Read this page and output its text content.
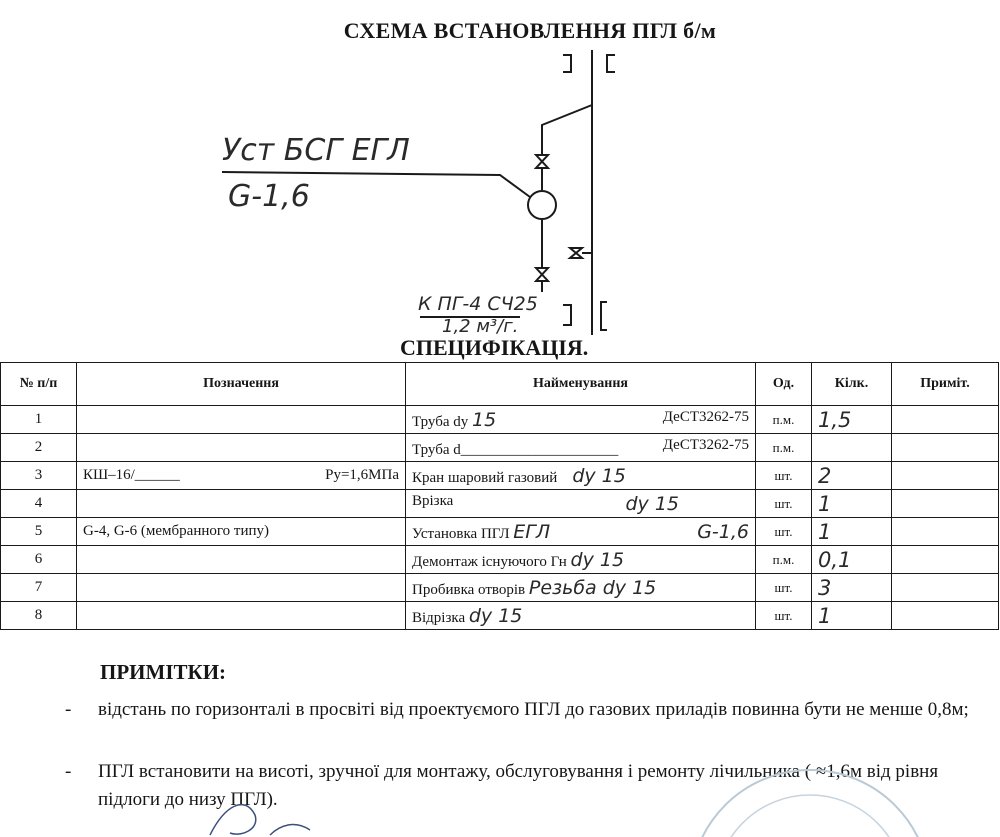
СХЕМА ВСТАНОВЛЕННЯ ПГЛ б/м
Уст БСГ ЕГЛ
G-1,6
К ПГ-4 СЧ25
1,2 м³/г.
СПЕЦИФІКАЦІЯ.
№ п/п	Позначення	Найменування	Од.	Кілк.	Приміт.
1		Труба dy 15 ДеСТ3262-75	п.м.	1,5	
2		Труба d_____________________ ДеСТ3262-75	п.м.		
3	КШ–16/______ Ру=1,6МПа	Кран шаровий газовий dy 15	шт.	2	
4		Врізка dy 15	шт.	1	
5	G-4, G-6 (мембранного типу)	Установка ПГЛ ЕГЛ G-1,6	шт.	1	
6		Демонтаж існуючого Гн dy 15	п.м.	0,1	
7		Пробивка отворів Резьба dy 15	шт.	3	
8		Відрізка dy 15	шт.	1	
ПРИМІТКИ:
- відстань по горизонталі в просвіті від проектуємого ПГЛ до газових приладів повинна бути не менше 0,8м;
- ПГЛ встановити на висоті, зручної для монтажу, обслуговування і ремонту лічильника ( ≈1,6м від рівня підлоги до низу ПГЛ).
